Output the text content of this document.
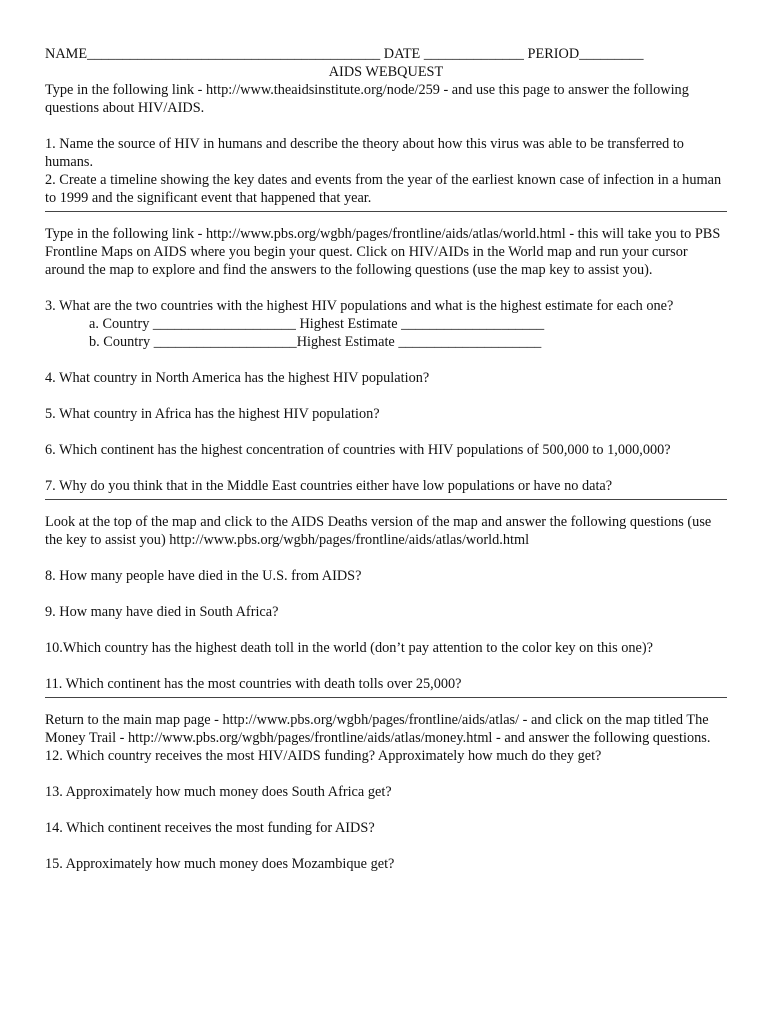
NAME_________________________________________ DATE ______________ PERIOD_________
AIDS WEBQUEST
Type in the following link - http://www.theaidsinstitute.org/node/259 - and use this page to answer the following questions about HIV/AIDS.
1. Name the source of HIV in humans and describe the theory about how this virus was able to be transferred to humans.
2. Create a timeline showing the key dates and events from the year of the earliest known case of infection in a human to 1999 and the significant event that happened that year.
Type in the following link - http://www.pbs.org/wgbh/pages/frontline/aids/atlas/world.html - this will take you to PBS Frontline Maps on AIDS where you begin your quest. Click on HIV/AIDs in the World map and run your cursor around the map to explore and find the answers to the following questions (use the map key to assist you).
3. What are the two countries with the highest HIV populations and what is the highest estimate for each one?
a. Country ____________________ Highest Estimate ____________________
b. Country ____________________Highest Estimate ____________________
4. What country in North America has the highest HIV population?
5. What country in Africa has the highest HIV population?
6. Which continent has the highest concentration of countries with HIV populations of 500,000 to 1,000,000?
7. Why do you think that in the Middle East countries either have low populations or have no data?
Look at the top of the map and click to the AIDS Deaths version of the map and answer the following questions (use the key to assist you) http://www.pbs.org/wgbh/pages/frontline/aids/atlas/world.html
8. How many people have died in the U.S. from AIDS?
9. How many have died in South Africa?
10.Which country has the highest death toll in the world (don’t pay attention to the color key on this one)?
11. Which continent has the most countries with death tolls over 25,000?
Return to the main map page - http://www.pbs.org/wgbh/pages/frontline/aids/atlas/ - and click on the map titled The Money Trail - http://www.pbs.org/wgbh/pages/frontline/aids/atlas/money.html - and answer the following questions.
12. Which country receives the most HIV/AIDS funding? Approximately how much do they get?
13. Approximately how much money does South Africa get?
14. Which continent receives the most funding for AIDS?
15. Approximately how much money does Mozambique get?
